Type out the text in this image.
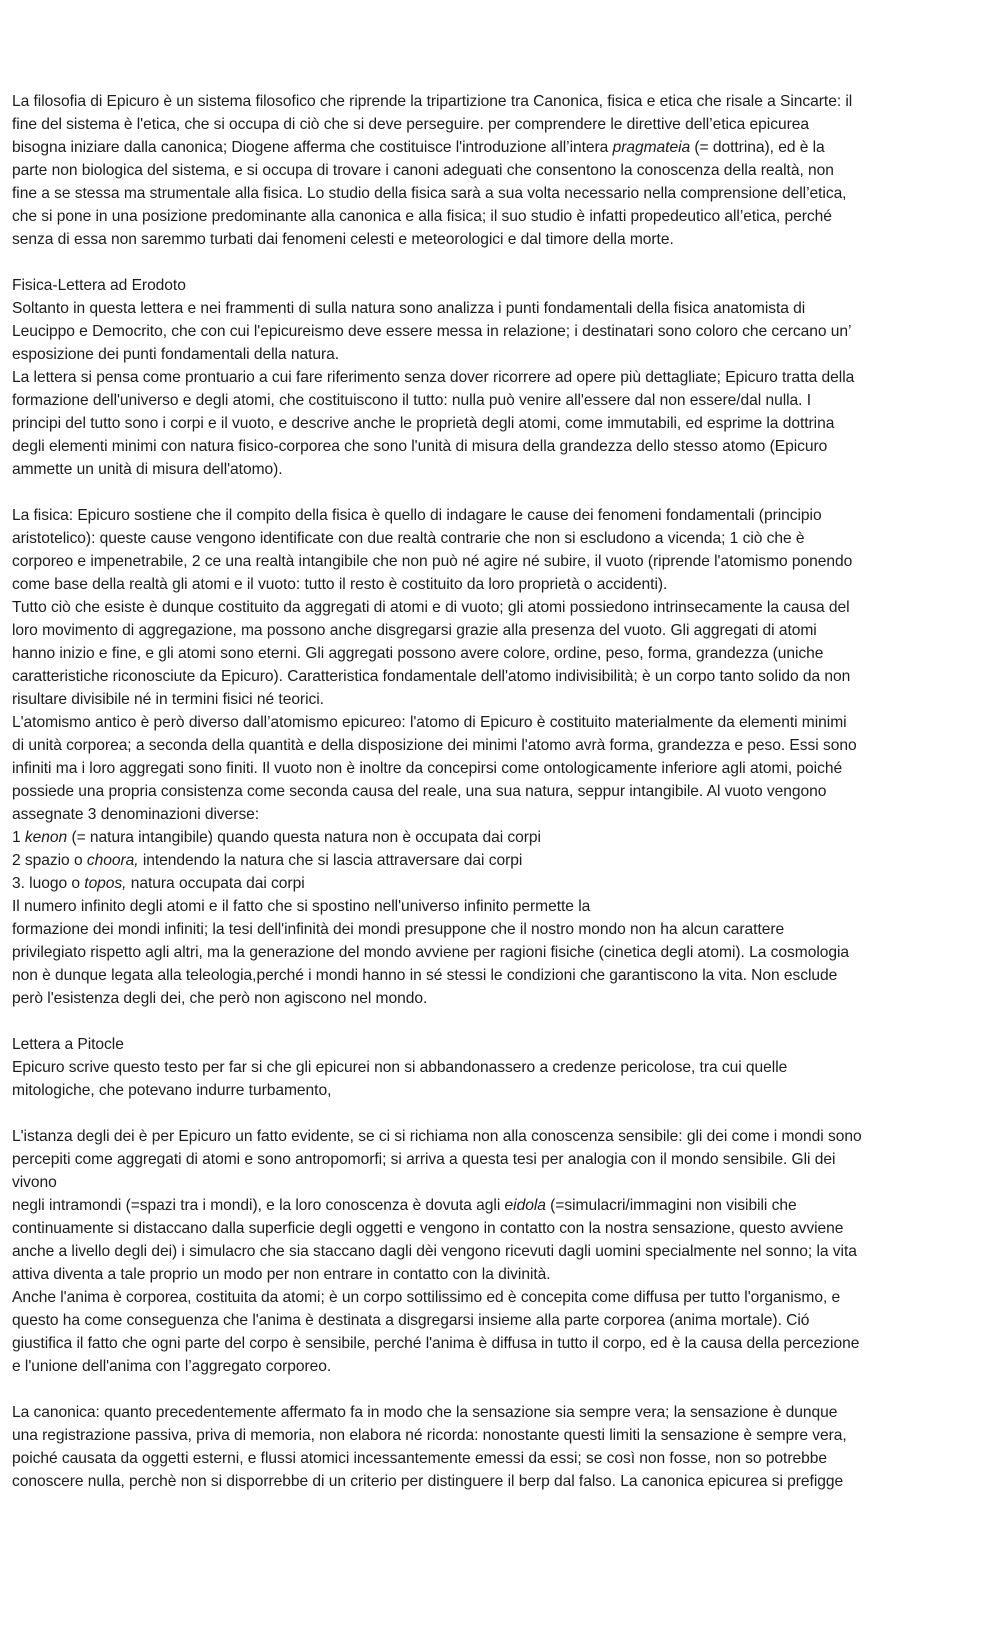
La filosofia di Epicuro è un sistema filosofico che riprende la tripartizione tra Canonica, fisica e etica che risale a Sincarte: il
fine del sistema è l'etica, che si occupa di ciò che si deve perseguire. per comprendere le direttive dell’etica epicurea
bisogna iniziare dalla canonica; Diogene afferma che costituisce l'introduzione all’intera pragmateia (= dottrina), ed è la
parte non biologica del sistema, e si occupa di trovare i canoni adeguati che consentono la conoscenza della realtà, non
fine a se stessa ma strumentale alla fisica. Lo studio della fisica sarà a sua volta necessario nella comprensione dell’etica,
che si pone in una posizione predominante alla canonica e alla fisica; il suo studio è infatti propedeutico all’etica, perché
senza di essa non saremmo turbati dai fenomeni celesti e meteorologici e dal timore della morte.
Fisica-Lettera ad Erodoto
Soltanto in questa lettera e nei frammenti di sulla natura sono analizza i punti fondamentali della fisica anatomista di
Leucippo e Democrito, che con cui l'epicureismo deve essere messa in relazione; i destinatari sono coloro che cercano un’
esposizione dei punti fondamentali della natura.
La lettera si pensa come prontuario a cui fare riferimento senza dover ricorrere ad opere più dettagliate; Epicuro tratta della
formazione dell'universo e degli atomi, che costituiscono il tutto: nulla può venire all'essere dal non essere/dal nulla. I
principi del tutto sono i corpi e il vuoto, e descrive anche le proprietà degli atomi, come immutabili, ed esprime la dottrina
degli elementi minimi con natura fisico-corporea che sono l'unità di misura della grandezza dello stesso atomo (Epicuro
ammette un unità di misura dell'atomo).
La fisica: Epicuro sostiene che il compito della fisica è quello di indagare le cause dei fenomeni fondamentali (principio
aristotelico): queste cause vengono identificate con due realtà contrarie che non si escludono a vicenda; 1 ciò che è
corporeo e impenetrabile, 2 ce una realtà intangibile che non può né agire né subire, il vuoto (riprende l'atomismo ponendo
come base della realtà gli atomi e il vuoto: tutto il resto è costituito da loro proprietà o accidenti).
Tutto ciò che esiste è dunque costituito da aggregati di atomi e di vuoto; gli atomi possiedono intrinsecamente la causa del
loro movimento di aggregazione, ma possono anche disgregarsi grazie alla presenza del vuoto. Gli aggregati di atomi
hanno inizio e fine, e gli atomi sono eterni. Gli aggregati possono avere colore, ordine, peso, forma, grandezza (uniche
caratteristiche riconosciute da Epicuro). Caratteristica fondamentale dell'atomo indivisibilità; è un corpo tanto solido da non
risultare divisibile né in termini fisici né teorici.
L'atomismo antico è però diverso dall’atomismo epicureo: l'atomo di Epicuro è costituito materialmente da elementi minimi
di unità corporea; a seconda della quantità e della disposizione dei minimi l'atomo avrà forma, grandezza e peso. Essi sono
infiniti ma i loro aggregati sono finiti. Il vuoto non è inoltre da concepirsi come ontologicamente inferiore agli atomi, poiché
possiede una propria consistenza come seconda causa del reale, una sua natura, seppur intangibile. Al vuoto vengono
assegnate 3 denominazioni diverse:
1 kenon (= natura intangibile) quando questa natura non è occupata dai corpi
2 spazio o choora, intendendo la natura che si lascia attraversare dai corpi
3. luogo o topos, natura occupata dai corpi
Il numero infinito degli atomi e il fatto che si spostino nell'universo infinito permette la
formazione dei mondi infiniti; la tesi dell'infinità dei mondi presuppone che il nostro mondo non ha alcun carattere
privilegiato rispetto agli altri, ma la generazione del mondo avviene per ragioni fisiche (cinetica degli atomi). La cosmologia
non è dunque legata alla teleologia,perché i mondi hanno in sé stessi le condizioni che garantiscono la vita. Non esclude
però l'esistenza degli dei, che però non agiscono nel mondo.
Lettera a Pitocle
Epicuro scrive questo testo per far si che gli epicurei non si abbandonassero a credenze pericolose, tra cui quelle
mitologiche, che potevano indurre turbamento,
L'istanza degli dei è per Epicuro un fatto evidente, se ci si richiama non alla conoscenza sensibile: gli dei come i mondi sono
percepiti come aggregati di atomi e sono antropomorfi; si arriva a questa tesi per analogia con il mondo sensibile. Gli dei
vivono
negli intramondi (=spazi tra i mondi), e la loro conoscenza è dovuta agli eidola (=simulacri/immagini non visibili che
continuamente si distaccano dalla superficie degli oggetti e vengono in contatto con la nostra sensazione, questo avviene
anche a livello degli dei) i simulacro che sia staccano dagli dèi vengono ricevuti dagli uomini specialmente nel sonno; la vita
attiva diventa a tale proprio un modo per non entrare in contatto con la divinità.
Anche l'anima è corporea, costituita da atomi; è un corpo sottilissimo ed è concepita come diffusa per tutto l'organismo, e
questo ha come conseguenza che l'anima è destinata a disgregarsi insieme alla parte corporea (anima mortale). Ció
giustifica il fatto che ogni parte del corpo è sensibile, perché l'anima è diffusa in tutto il corpo, ed è la causa della percezione
e l'unione dell'anima con l’aggregato corporeo.
La canonica: quanto precedentemente affermato fa in modo che la sensazione sia sempre vera; la sensazione è dunque
una registrazione passiva, priva di memoria, non elabora né ricorda: nonostante questi limiti la sensazione è sempre vera,
poiché causata da oggetti esterni, e flussi atomici incessantemente emessi da essi; se così non fosse, non so potrebbe
conoscere nulla, perchè non si disporrebbe di un criterio per distinguere il berp dal falso. La canonica epicurea si prefigge
